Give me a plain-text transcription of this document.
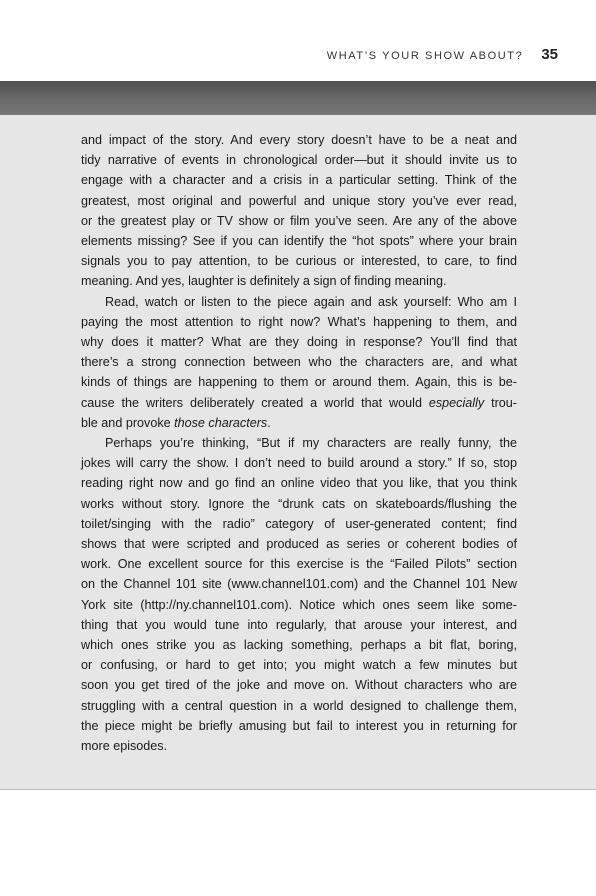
WHAT’S YOUR SHOW ABOUT? 35

and impact of the story. And every story doesn’t have to be a neat and
tidy narrative of events in chronological order—but it should invite us to
engage with a character and a crisis in a particular setting. Think of the
greatest, most original and powerful and unique story you’ve ever read,
or the greatest play or TV show or film you’ve seen. Are any of the above
elements missing? See if you can identify the “hot spots” where your brain
signals you to pay attention, to be curious or interested, to care, to find
meaning. And yes, laughter is definitely a sign of finding meaning.

Read, watch or listen to the piece again and ask yourself: Who am I
paying the most attention to right now? What’s happening to them, and
why does it matter? What are they doing in response? You’ll find that
there’s a strong connection between who the characters are, and what
kinds of things are happening to them or around them. Again, this is be-
cause the writers deliberately created a world that would especially trou-
ble and provoke those characters.

Perhaps you’re thinking, “But if my characters are really funny, the
jokes will carry the show. I don’t need to build around a story.” If so, stop
reading right now and go find an online video that you like, that you think
works without story. Ignore the “drunk cats on skateboards/flushing the
toilet/singing with the radio” category of user-generated content; find
shows that were scripted and produced as series or coherent bodies of
work. One excellent source for this exercise is the “Failed Pilots” section
on the Channel 101 site (www.channel101.com) and the Channel 101 New
York site (http://ny.channel101.com). Notice which ones seem like some-
thing that you would tune into regularly, that arouse your interest, and
which ones strike you as lacking something, perhaps a bit flat, boring,
or confusing, or hard to get into; you might watch a few minutes but
soon you get tired of the joke and move on. Without characters who are
struggling with a central question in a world designed to challenge them,
the piece might be briefly amusing but fail to interest you in returning for
more episodes.
